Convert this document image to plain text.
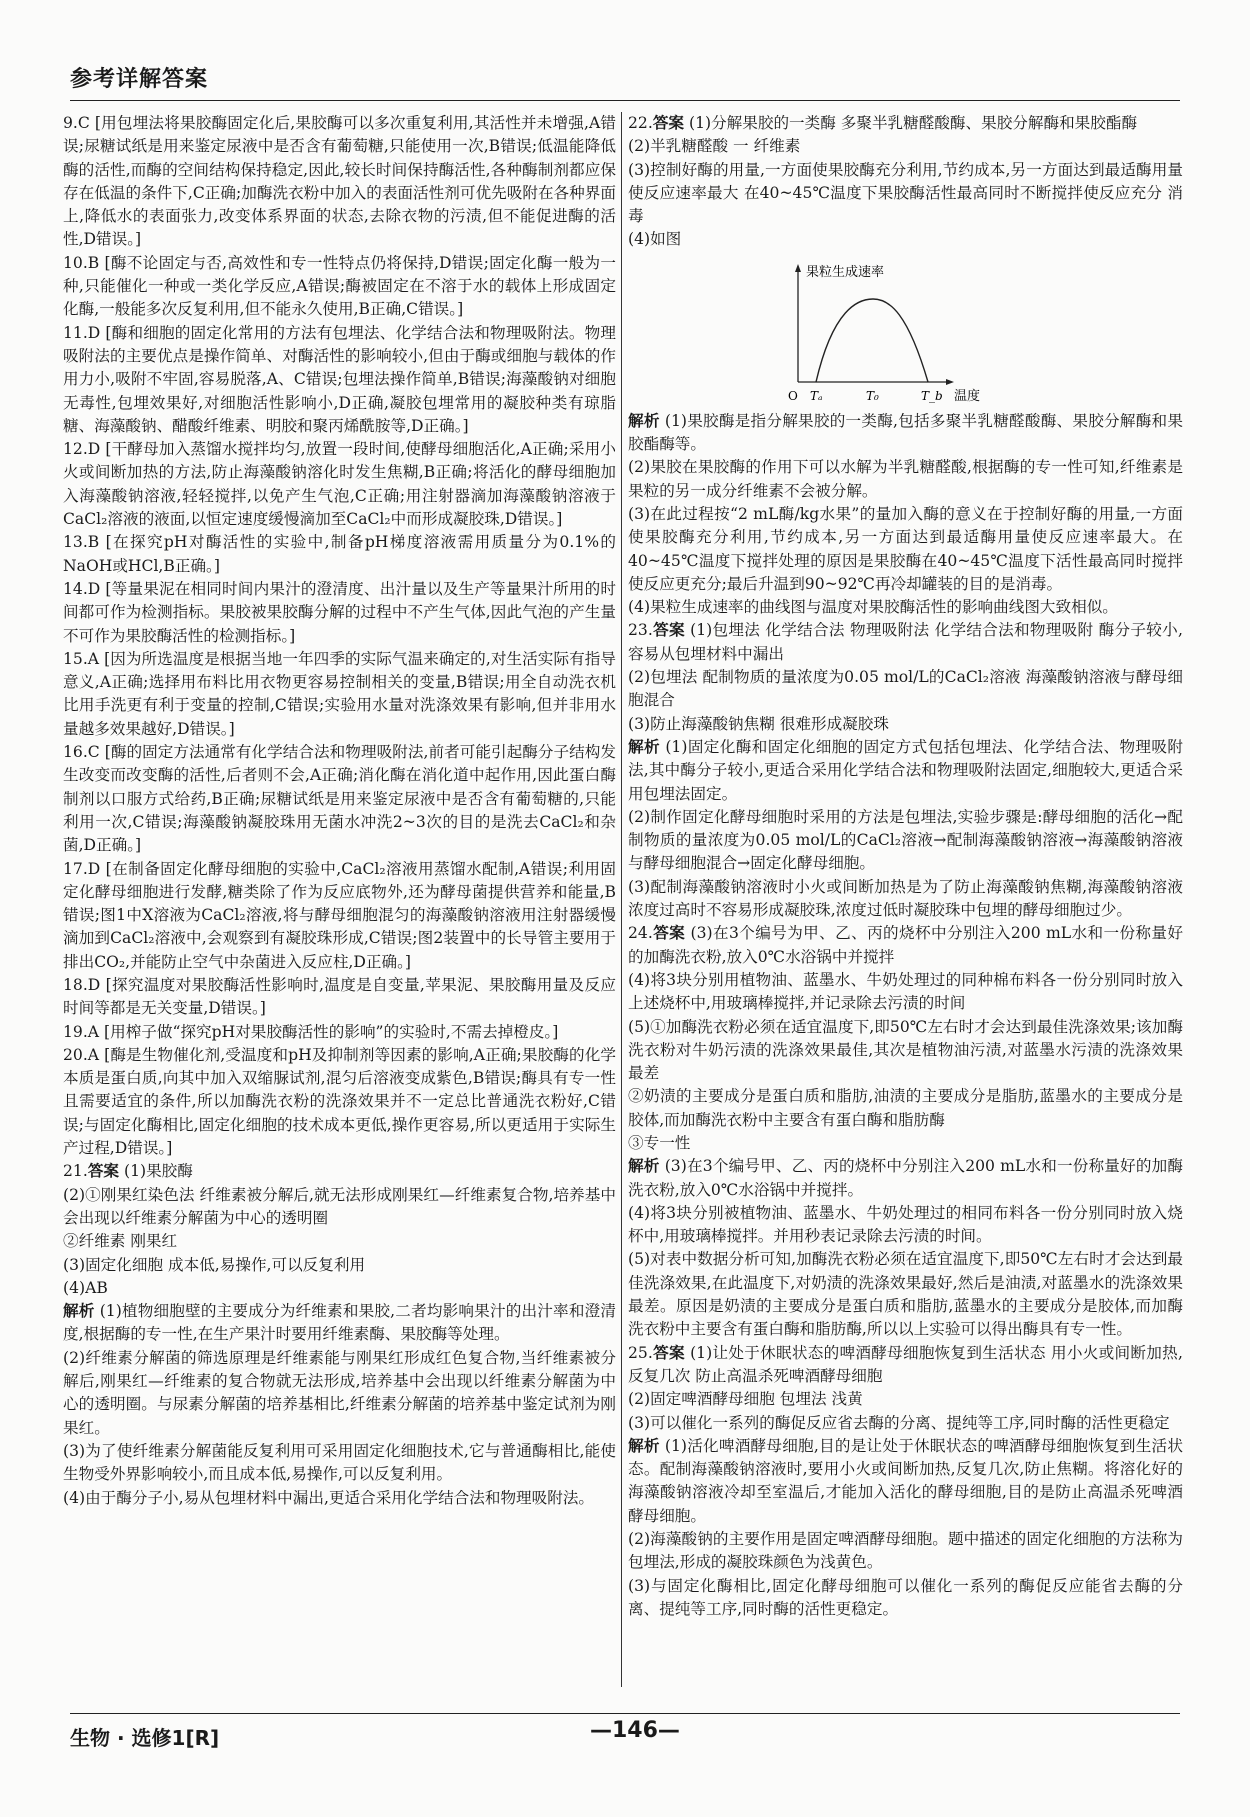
参考详解答案

9.C [用包埋法将果胶酶固定化后,果胶酶可以多次重复利用,其活性并未增强,A错误;尿糖试纸是用来鉴定尿液中是否含有葡萄糖,只能使用一次,B错误;低温能降低酶的活性,而酶的空间结构保持稳定,因此,较长时间保持酶活性,各种酶制剂都应保存在低温的条件下,C正确;加酶洗衣粉中加入的表面活性剂可优先吸附在各种界面上,降低水的表面张力,改变体系界面的状态,去除衣物的污渍,但不能促进酶的活性,D错误。]

10.B [酶不论固定与否,高效性和专一性特点仍将保持,D错误;固定化酶一般为一种,只能催化一种或一类化学反应,A错误;酶被固定在不溶于水的载体上形成固定化酶,一般能多次反复利用,但不能永久使用,B正确,C错误。]

11.D [酶和细胞的固定化常用的方法有包埋法、化学结合法和物理吸附法。物理吸附法的主要优点是操作简单、对酶活性的影响较小,但由于酶或细胞与载体的作用力小,吸附不牢固,容易脱落,A、C错误;包埋法操作简单,B错误;海藻酸钠对细胞无毒性,包埋效果好,对细胞活性影响小,D正确,凝胶包埋常用的凝胶种类有琼脂糖、海藻酸钠、醋酸纤维素、明胶和聚丙烯酰胺等,D正确。]

12.D [干酵母加入蒸馏水搅拌均匀,放置一段时间,使酵母细胞活化,A正确;采用小火或间断加热的方法,防止海藻酸钠溶化时发生焦糊,B正确;将活化的酵母细胞加入海藻酸钠溶液,轻轻搅拌,以免产生气泡,C正确;用注射器滴加海藻酸钠溶液于CaCl₂溶液的液面,以恒定速度缓慢滴加至CaCl₂中而形成凝胶珠,D错误。]

13.B [在探究pH对酶活性的实验中,制备pH梯度溶液需用质量分为0.1%的NaOH或HCl,B正确。]

14.D [等量果泥在相同时间内果汁的澄清度、出汁量以及生产等量果汁所用的时间都可作为检测指标。果胶被果胶酶分解的过程中不产生气体,因此气泡的产生量不可作为果胶酶活性的检测指标。]

15.A [因为所选温度是根据当地一年四季的实际气温来确定的,对生活实际有指导意义,A正确;选择用布料比用衣物更容易控制相关的变量,B错误;用全自动洗衣机比用手洗更有利于变量的控制,C错误;实验用水量对洗涤效果有影响,但并非用水量越多效果越好,D错误。]

16.C [酶的固定方法通常有化学结合法和物理吸附法,前者可能引起酶分子结构发生改变而改变酶的活性,后者则不会,A正确;消化酶在消化道中起作用,因此蛋白酶制剂以口服方式给药,B正确;尿糖试纸是用来鉴定尿液中是否含有葡萄糖的,只能利用一次,C错误;海藻酸钠凝胶珠用无菌水冲洗2~3次的目的是洗去CaCl₂和杂菌,D正确。]

17.D [在制备固定化酵母细胞的实验中,CaCl₂溶液用蒸馏水配制,A错误;利用固定化酵母细胞进行发酵,糖类除了作为反应底物外,还为酵母菌提供营养和能量,B错误;图1中X溶液为CaCl₂溶液,将与酵母细胞混匀的海藻酸钠溶液用注射器缓慢滴加到CaCl₂溶液中,会观察到有凝胶珠形成,C错误;图2装置中的长导管主要用于排出CO₂,并能防止空气中杂菌进入反应柱,D正确。]

18.D [探究温度对果胶酶活性影响时,温度是自变量,苹果泥、果胶酶用量及反应时间等都是无关变量,D错误。]

19.A [用榨子做“探究pH对果胶酶活性的影响”的实验时,不需去掉橙皮。]

20.A [酶是生物催化剂,受温度和pH及抑制剂等因素的影响,A正确;果胶酶的化学本质是蛋白质,向其中加入双缩脲试剂,混匀后溶液变成紫色,B错误;酶具有专一性且需要适宜的条件,所以加酶洗衣粉的洗涤效果并不一定总比普通洗衣粉好,C错误;与固定化酶相比,固定化细胞的技术成本更低,操作更容易,所以更适用于实际生产过程,D错误。]

21.答案 (1)果胶酶

(2)①刚果红染色法 纤维素被分解后,就无法形成刚果红—纤维素复合物,培养基中会出现以纤维素分解菌为中心的透明圈

②纤维素 刚果红

(3)固定化细胞 成本低,易操作,可以反复利用

(4)AB

解析 (1)植物细胞壁的主要成分为纤维素和果胶,二者均影响果汁的出汁率和澄清度,根据酶的专一性,在生产果汁时要用纤维素酶、果胶酶等处理。

(2)纤维素分解菌的筛选原理是纤维素能与刚果红形成红色复合物,当纤维素被分解后,刚果红—纤维素的复合物就无法形成,培养基中会出现以纤维素分解菌为中心的透明圈。与尿素分解菌的培养基相比,纤维素分解菌的培养基中鉴定试剂为刚果红。

(3)为了使纤维素分解菌能反复利用可采用固定化细胞技术,它与普通酶相比,能使生物受外界影响较小,而且成本低,易操作,可以反复利用。

(4)由于酶分子小,易从包埋材料中漏出,更适合采用化学结合法和物理吸附法。

22.答案 (1)分解果胶的一类酶 多聚半乳糖醛酸酶、果胶分解酶和果胶酯酶

(2)半乳糖醛酸 一 纤维素

(3)控制好酶的用量,一方面使果胶酶充分利用,节约成本,另一方面达到最适酶用量使反应速率最大 在40~45℃温度下果胶酶活性最高同时不断搅拌使反应充分 消毒

(4)如图

果粒生成速率
温度
O Tₐ	T₀	T_b

解析 (1)果胶酶是指分解果胶的一类酶,包括多聚半乳糖醛酸酶、果胶分解酶和果胶酯酶等。

(2)果胶在果胶酶的作用下可以水解为半乳糖醛酸,根据酶的专一性可知,纤维素是果粒的另一成分纤维素不会被分解。

(3)在此过程按“2 mL酶/kg水果”的量加入酶的意义在于控制好酶的用量,一方面使果胶酶充分利用,节约成本,另一方面达到最适酶用量使反应速率最大。在40~45℃温度下搅拌处理的原因是果胶酶在40~45℃温度下活性最高同时搅拌使反应更充分;最后升温到90~92℃再冷却罐装的目的是消毒。

(4)果粒生成速率的曲线图与温度对果胶酶活性的影响曲线图大致相似。

23.答案 (1)包埋法 化学结合法 物理吸附法 化学结合法和物理吸附 酶分子较小,容易从包埋材料中漏出

(2)包埋法 配制物质的量浓度为0.05 mol/L的CaCl₂溶液 海藻酸钠溶液与酵母细胞混合

(3)防止海藻酸钠焦糊 很难形成凝胶珠

解析 (1)固定化酶和固定化细胞的固定方式包括包埋法、化学结合法、物理吸附法,其中酶分子较小,更适合采用化学结合法和物理吸附法固定,细胞较大,更适合采用包埋法固定。

(2)制作固定化酵母细胞时采用的方法是包埋法,实验步骤是:酵母细胞的活化→配制物质的量浓度为0.05 mol/L的CaCl₂溶液→配制海藻酸钠溶液→海藻酸钠溶液与酵母细胞混合→固定化酵母细胞。

(3)配制海藻酸钠溶液时小火或间断加热是为了防止海藻酸钠焦糊,海藻酸钠溶液浓度过高时不容易形成凝胶珠,浓度过低时凝胶珠中包埋的酵母细胞过少。

24.答案 (3)在3个编号为甲、乙、丙的烧杯中分别注入200 mL水和一份称量好的加酶洗衣粉,放入0℃水浴锅中并搅拌

(4)将3块分别用植物油、蓝墨水、牛奶处理过的同种棉布料各一份分别同时放入上述烧杯中,用玻璃棒搅拌,并记录除去污渍的时间

(5)①加酶洗衣粉必须在适宜温度下,即50℃左右时才会达到最佳洗涤效果;该加酶洗衣粉对牛奶污渍的洗涤效果最佳,其次是植物油污渍,对蓝墨水污渍的洗涤效果最差

②奶渍的主要成分是蛋白质和脂肪,油渍的主要成分是脂肪,蓝墨水的主要成分是胶体,而加酶洗衣粉中主要含有蛋白酶和脂肪酶

③专一性

解析 (3)在3个编号甲、乙、丙的烧杯中分别注入200 mL水和一份称量好的加酶洗衣粉,放入0℃水浴锅中并搅拌。

(4)将3块分别被植物油、蓝墨水、牛奶处理过的相同布料各一份分别同时放入烧杯中,用玻璃棒搅拌。并用秒表记录除去污渍的时间。

(5)对表中数据分析可知,加酶洗衣粉必须在适宜温度下,即50℃左右时才会达到最佳洗涤效果,在此温度下,对奶渍的洗涤效果最好,然后是油渍,对蓝墨水的洗涤效果最差。原因是奶渍的主要成分是蛋白质和脂肪,蓝墨水的主要成分是胶体,而加酶洗衣粉中主要含有蛋白酶和脂肪酶,所以以上实验可以得出酶具有专一性。

25.答案 (1)让处于休眠状态的啤酒酵母细胞恢复到生活状态 用小火或间断加热,反复几次 防止高温杀死啤酒酵母细胞

(2)固定啤酒酵母细胞 包埋法 浅黄

(3)可以催化一系列的酶促反应省去酶的分离、提纯等工序,同时酶的活性更稳定

解析 (1)活化啤酒酵母细胞,目的是让处于休眠状态的啤酒酵母细胞恢复到生活状态。配制海藻酸钠溶液时,要用小火或间断加热,反复几次,防止焦糊。将溶化好的海藻酸钠溶液冷却至室温后,才能加入活化的酵母细胞,目的是防止高温杀死啤酒酵母细胞。

(2)海藻酸钠的主要作用是固定啤酒酵母细胞。题中描述的固定化细胞的方法称为包埋法,形成的凝胶珠颜色为浅黄色。

(3)与固定化酶相比,固定化酵母细胞可以催化一系列的酶促反应能省去酶的分离、提纯等工序,同时酶的活性更稳定。

生物 · 选修1[R]	—146—
